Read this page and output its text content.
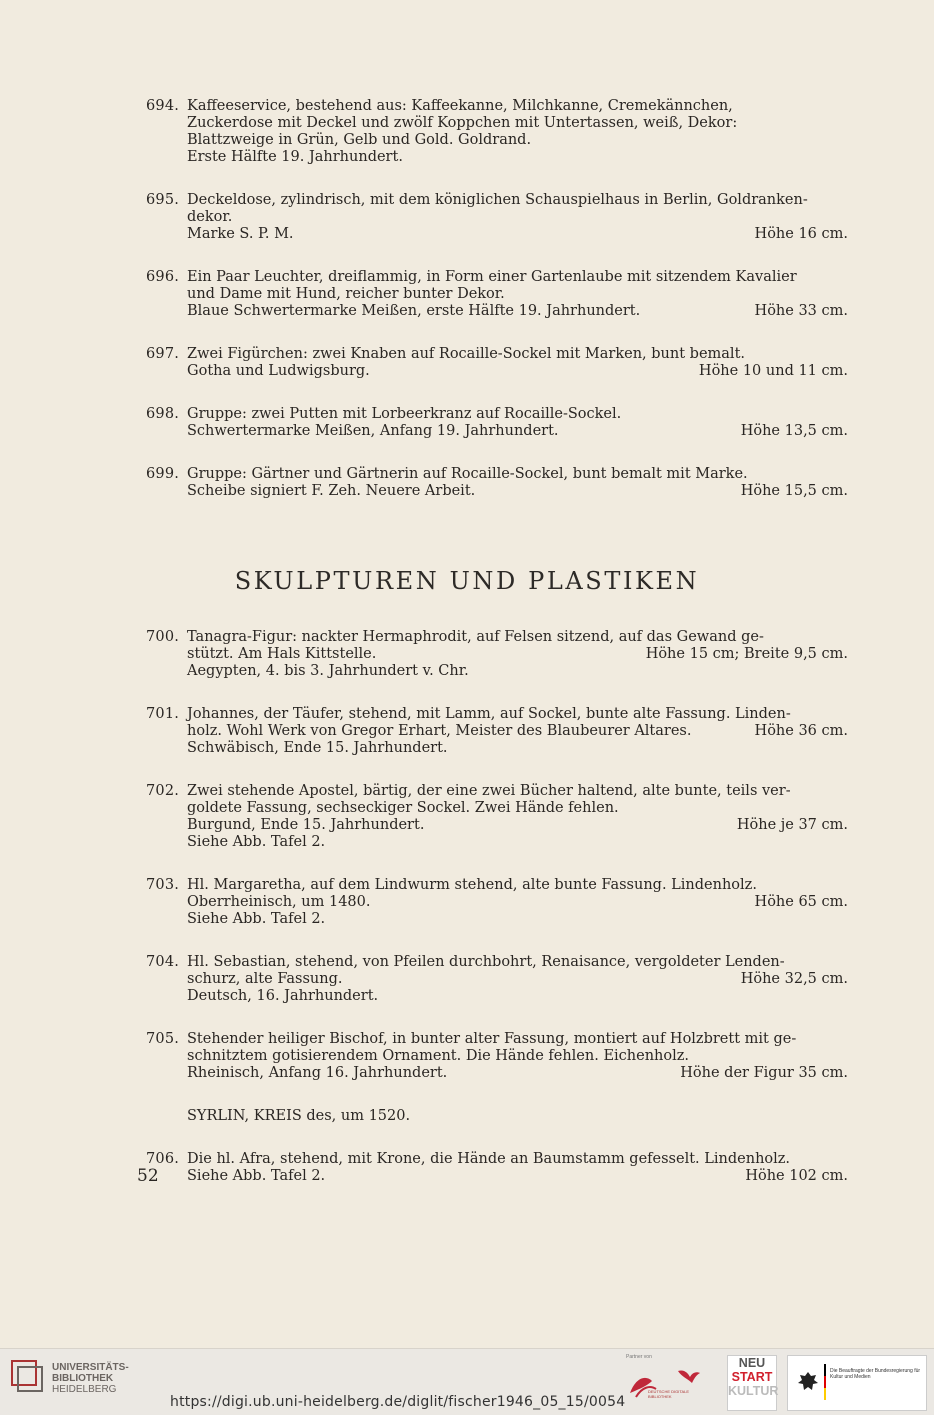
694. Kaffeeservice, bestehend aus: Kaffeekanne, Milchkanne, Cremekännchen,
Zuckerdose mit Deckel und zwölf Koppchen mit Untertassen, weiß, Dekor:
Blattzweige in Grün, Gelb und Gold. Goldrand.
Erste Hälfte 19. Jahrhundert.
695. Deckeldose, zylindrisch, mit dem königlichen Schauspielhaus in Berlin, Goldranken-
dekor.
Marke S. P. M.	Höhe 16 cm.
696. Ein Paar Leuchter, dreiflammig, in Form einer Gartenlaube mit sitzendem Kavalier
und Dame mit Hund, reicher bunter Dekor.
Blaue Schwertermarke Meißen, erste Hälfte 19. Jahrhundert.	Höhe 33 cm.
697. Zwei Figürchen: zwei Knaben auf Rocaille-Sockel mit Marken, bunt bemalt.
Gotha und Ludwigsburg.	Höhe 10 und 11 cm.
698. Gruppe: zwei Putten mit Lorbeerkranz auf Rocaille-Sockel.
Schwertermarke Meißen, Anfang 19. Jahrhundert.	Höhe 13,5 cm.
699. Gruppe: Gärtner und Gärtnerin auf Rocaille-Sockel, bunt bemalt mit Marke.
Scheibe signiert F. Zeh. Neuere Arbeit.	Höhe 15,5 cm.
SKULPTUREN UND PLASTIKEN
700. Tanagra-Figur: nackter Hermaphrodit, auf Felsen sitzend, auf das Gewand ge-
stützt. Am Hals Kittstelle.	Höhe 15 cm; Breite 9,5 cm.
Aegypten, 4. bis 3. Jahrhundert v. Chr.
701. Johannes, der Täufer, stehend, mit Lamm, auf Sockel, bunte alte Fassung. Linden-
holz. Wohl Werk von Gregor Erhart, Meister des Blaubeurer Altares.	Höhe 36 cm.
Schwäbisch, Ende 15. Jahrhundert.
702. Zwei stehende Apostel, bärtig, der eine zwei Bücher haltend, alte bunte, teils ver-
goldete Fassung, sechseckiger Sockel. Zwei Hände fehlen.
Burgund, Ende 15. Jahrhundert.	Höhe je 37 cm.
Siehe Abb. Tafel 2.
703. Hl. Margaretha, auf dem Lindwurm stehend, alte bunte Fassung. Lindenholz.
Oberrheinisch, um 1480.	Höhe 65 cm.
Siehe Abb. Tafel 2.
704. Hl. Sebastian, stehend, von Pfeilen durchbohrt, Renaisance, vergoldeter Lenden-
schurz, alte Fassung.	Höhe 32,5 cm.
Deutsch, 16. Jahrhundert.
705. Stehender heiliger Bischof, in bunter alter Fassung, montiert auf Holzbrett mit ge-
schnitztem gotisierendem Ornament. Die Hände fehlen. Eichenholz.
Rheinisch, Anfang 16. Jahrhundert.	Höhe der Figur 35 cm.
SYRLIN, KREIS des, um 1520.
706. Die hl. Afra, stehend, mit Krone, die Hände an Baumstamm gefesselt. Lindenholz.
Siehe Abb. Tafel 2.	Höhe 102 cm.
52
UNIVERSITÄTS-
BIBLIOTHEK
HEIDELBERG
https://digi.ub.uni-heidelberg.de/diglit/fischer1946_05_15/0054
Partner von
DEUTSCHE DIGITALE BIBLIOTHEK
NEU
START
KULTUR
Die Beauftragte der Bundesregierung für Kultur und Medien
